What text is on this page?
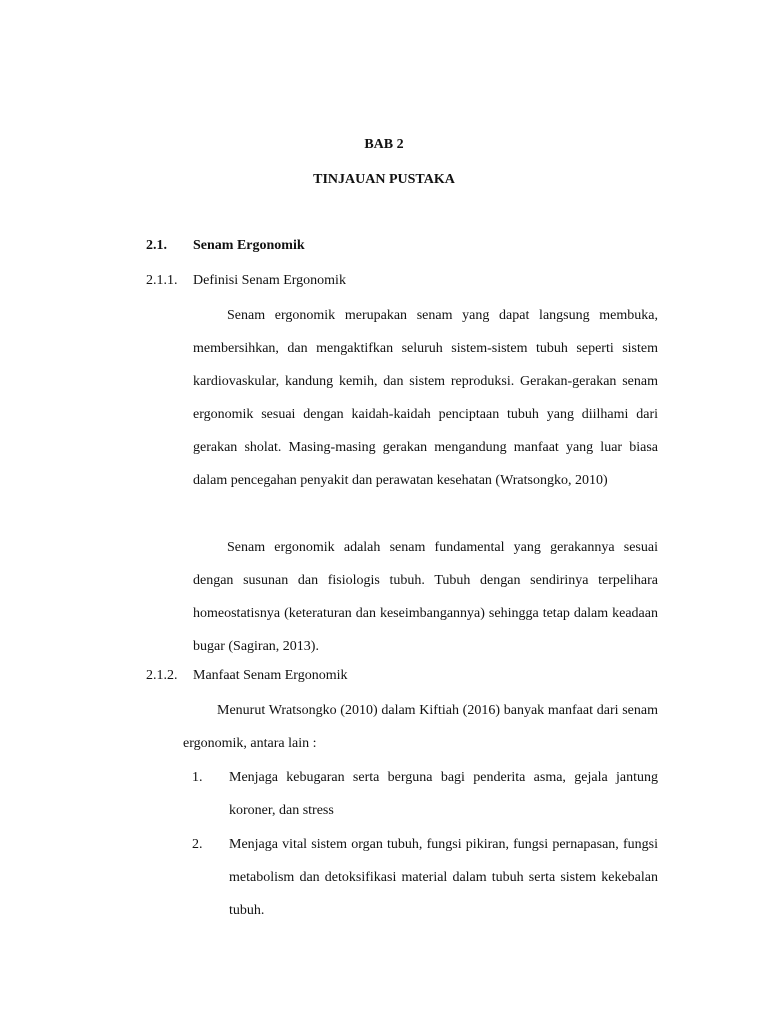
BAB 2
TINJAUAN PUSTAKA
2.1. Senam Ergonomik
2.1.1. Definisi Senam Ergonomik
Senam ergonomik merupakan senam yang dapat langsung membuka, membersihkan, dan mengaktifkan seluruh sistem-sistem tubuh seperti sistem kardiovaskular, kandung kemih, dan sistem reproduksi. Gerakan-gerakan senam ergonomik sesuai dengan kaidah-kaidah penciptaan tubuh yang diilhami dari gerakan sholat. Masing-masing gerakan mengandung manfaat yang luar biasa dalam pencegahan penyakit dan perawatan kesehatan (Wratsongko, 2010)
Senam ergonomik adalah senam fundamental yang gerakannya sesuai dengan susunan dan fisiologis tubuh. Tubuh dengan sendirinya terpelihara homeostatisnya (keteraturan dan keseimbangannya) sehingga tetap dalam keadaan bugar (Sagiran, 2013).
2.1.2. Manfaat Senam Ergonomik
Menurut Wratsongko (2010) dalam Kiftiah (2016) banyak manfaat dari senam ergonomik, antara lain :
1. Menjaga kebugaran serta berguna bagi penderita asma, gejala jantung koroner, dan stress
2. Menjaga vital sistem organ tubuh, fungsi pikiran, fungsi pernapasan, fungsi metabolism dan detoksifikasi material dalam tubuh serta sistem kekebalan tubuh.
